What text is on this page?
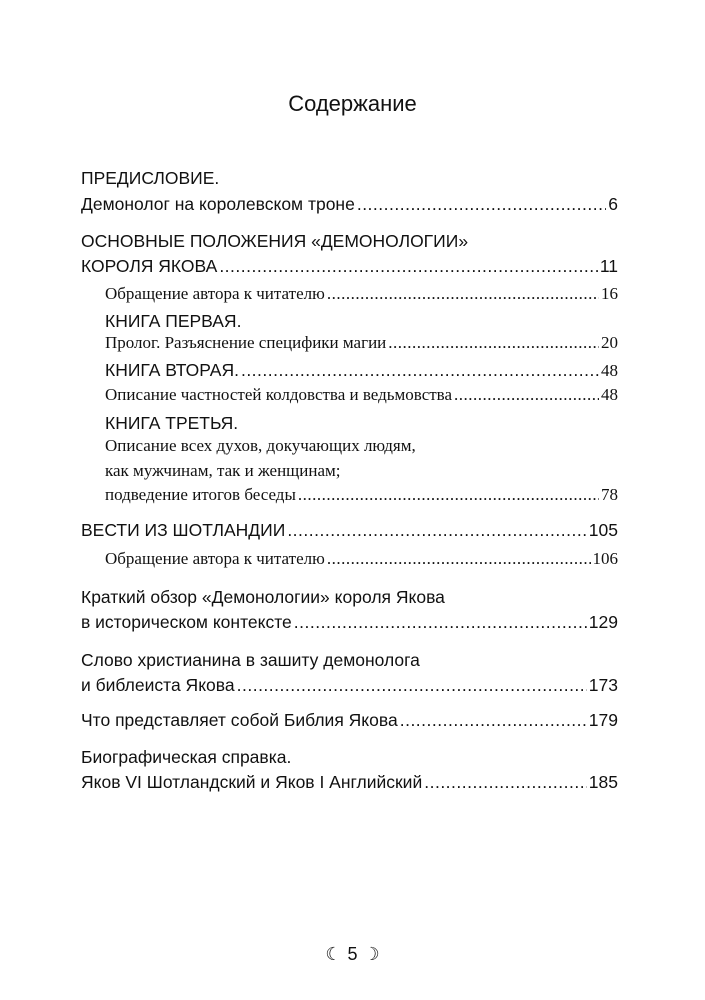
Содержание
ПРЕДИСЛОВИЕ.
Демонолог на королевском троне .....	6
ОСНОВНЫЕ ПОЛОЖЕНИЯ «ДЕМОНОЛОГИИ»
КОРОЛЯ ЯКОВА .....	11
Обращение автора к читателю .....	16
КНИГА ПЕРВАЯ.
Пролог. Разъяснение специфики магии .....	20
КНИГА ВТОРАЯ. .....	48
Описание частностей колдовства и ведьмовства .....	48
КНИГА ТРЕТЬЯ.
Описание всех духов, докучающих людям,
как мужчинам, так и женщинам;
подведение итогов беседы .....	78
ВЕСТИ ИЗ ШОТЛАНДИИ .....	105
Обращение автора к читателю .....	106
Краткий обзор «Демонологии» короля Якова
в историческом контексте .....	129
Слово христианина в зашиту демонолога
и библеиста Якова .....	173
Что представляет собой Библия Якова .....	179
Биографическая справка.
Яков VI Шотландский и Яков I Английский .....	185
☾ 5 ☽
